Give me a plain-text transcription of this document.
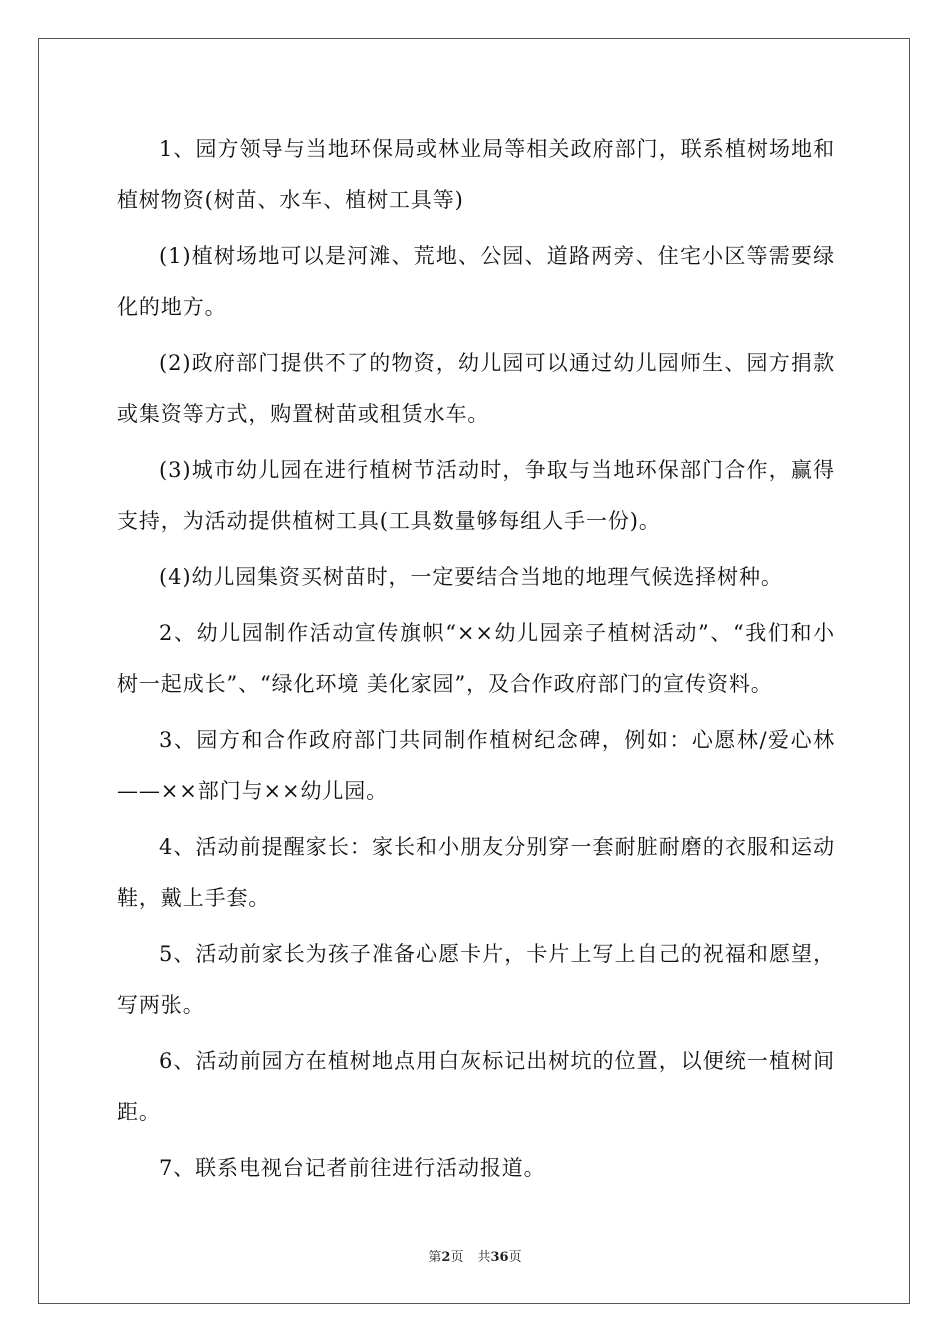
1、园方领导与当地环保局或林业局等相关政府部门，联系植树场地和植树物资(树苗、水车、植树工具等)

(1)植树场地可以是河滩、荒地、公园、道路两旁、住宅小区等需要绿化的地方。

(2)政府部门提供不了的物资，幼儿园可以通过幼儿园师生、园方捐款或集资等方式，购置树苗或租赁水车。

(3)城市幼儿园在进行植树节活动时，争取与当地环保部门合作，赢得支持，为活动提供植树工具(工具数量够每组人手一份)。

(4)幼儿园集资买树苗时，一定要结合当地的地理气候选择树种。

2、幼儿园制作活动宣传旗帜“××幼儿园亲子植树活动”、“我们和小树一起成长”、“绿化环境 美化家园”，及合作政府部门的宣传资料。

3、园方和合作政府部门共同制作植树纪念碑，例如：心愿林/爱心林——××部门与××幼儿园。

4、活动前提醒家长：家长和小朋友分别穿一套耐脏耐磨的衣服和运动鞋，戴上手套。

5、活动前家长为孩子准备心愿卡片，卡片上写上自己的祝福和愿望，写两张。

6、活动前园方在植树地点用白灰标记出树坑的位置，以便统一植树间距。

7、联系电视台记者前往进行活动报道。

第2页 共36页
